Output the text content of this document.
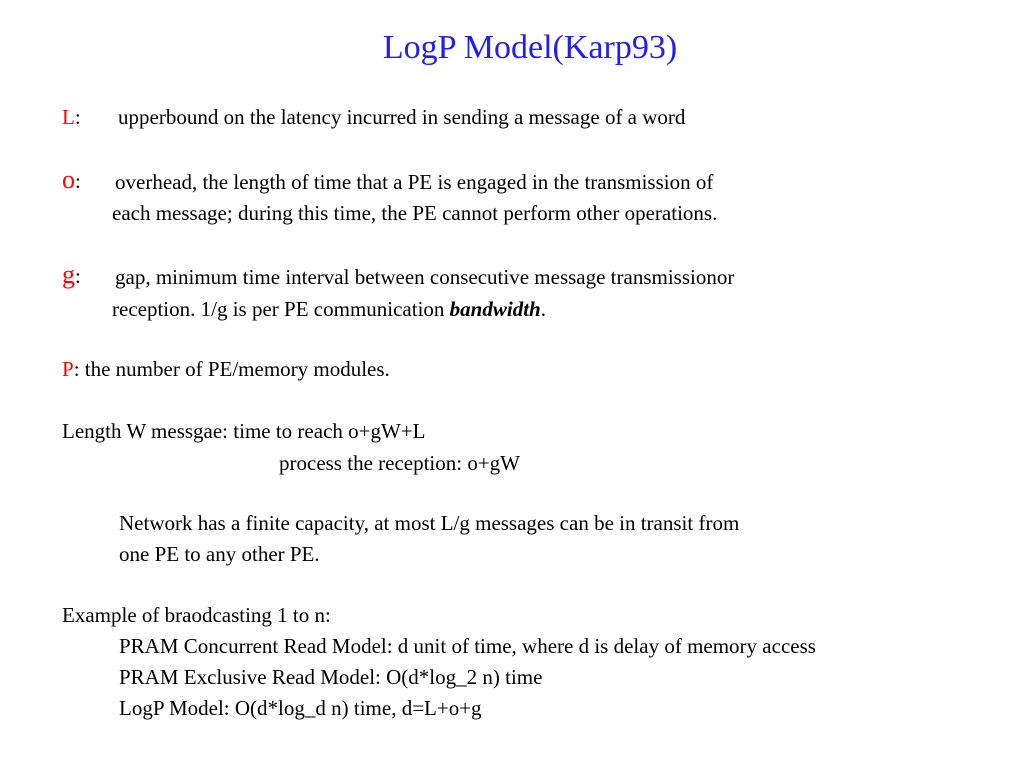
LogP Model(Karp93)
L: upperbound on the latency incurred in sending a message of a word
o: overhead, the length of time that a PE is engaged in the transmission of
each message; during this time, the PE cannot perform other operations.
g: gap, minimum time interval between consecutive message transmissionor
reception. 1/g is per PE communication bandwidth.
P: the number of PE/memory modules.
Length W messgae: time to reach o+gW+L
process the reception: o+gW
Network has a finite capacity, at most L/g messages can be in transit from
one PE to any other PE.
Example of braodcasting 1 to n:
PRAM Concurrent Read Model: d unit of time, where d is delay of memory access
PRAM Exclusive Read Model: O(d*log_2 n) time
LogP Model: O(d*log_d n) time, d=L+o+g
